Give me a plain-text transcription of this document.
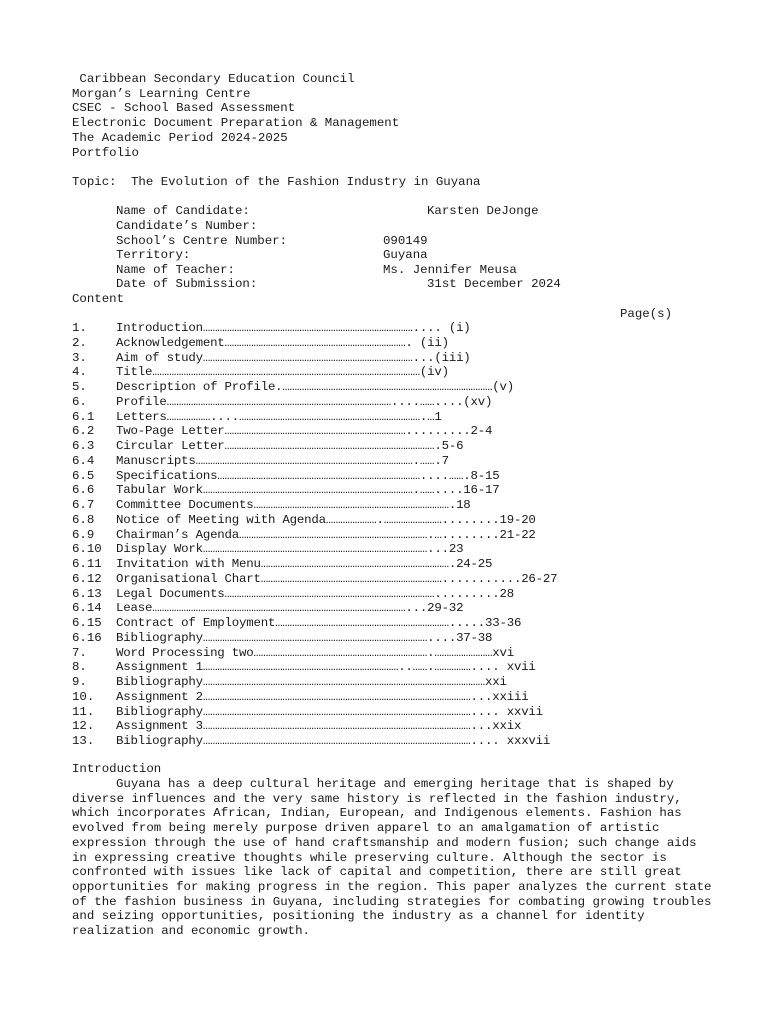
Caribbean Secondary Education Council
Morgan’s Learning Centre
CSEC - School Based Assessment
Electronic Document Preparation & Management
The Academic Period 2024-2025
Portfolio
Topic: The Evolution of the Fashion Industry in Guyana
Name of Candidate:	Karsten DeJonge
Candidate’s Number:
School’s Centre Number:	090149
Territory:	Guyana
Name of Teacher:	Ms. Jennifer Meusa
Date of Submission:	31st December 2024
Content
Page(s)
1. Introduction…………………………………………………………………………….... (i)
2. Acknowledgement…………………………………………………………………. (ii)
3. Aim of study……………………………………………………………………………...(iii)
4. Title…………………………………………………………………………………………………(iv)
5. Description of Profile.……………………………………………………………………………(v)
6. Profile…………………………………………………………………………………....……....(xv)
6.1 Letters………………....………………………………………………………………….…1
6.2 Two-Page Letter………………………………………………………………….........2-4
6.3 Circular Letter…………………………………………………………………………….5-6
6.4 Manuscripts……………………………………………………………………………….…….7
6.5 Specifications…………………………………………………………………………....…….8-15
6.6 Tabular Work…………………………………………………………………………….……....16-17
6.7 Committee Documents……………………………………………………………………….18
6.8 Notice of Meeting with Agenda………………….……………………........19-20
6.9 Chairman’s Agenda…………………………………………………………………….…........21-22
6.10 Display Work…………………………………………………………………………………...23
6.11 Invitation with Menu…………………………………………………………………….24-25
6.12 Organisational Chart…………………………………………………………………...........26-27
6.13 Legal Documents…………………………………………………………………………….........28
6.14 Lease……………………………………………………………………………………………...29-32
6.15 Contract of Employment……………………………………………………………….....33-36
6.16 Bibliography…………………………………………………………………………………....37-38
7. Word Processing two……………………………………………………………….……………………xvi
8. Assignment 1………………………………………………………………………..…….…………….... xvii
9. Bibliography………………………………………………………………………………………………………xxi
10. Assignment 2…………………………………………………………………………………………………...xxiii
11. Bibliography………………………………………………………………………………………………….... xxvii
12. Assignment 3…………………………………………………………………………………………………...xxix
13. Bibliography………………………………………………………………………………………………….... xxxvii
Introduction
Guyana has a deep cultural heritage and emerging heritage that is shaped by diverse influences and the very same history is reflected in the fashion industry, which incorporates African, Indian, European, and Indigenous elements. Fashion has evolved from being merely purpose driven apparel to an amalgamation of artistic expression through the use of hand craftsmanship and modern fusion; such change aids in expressing creative thoughts while preserving culture. Although the sector is confronted with issues like lack of capital and competition, there are still great opportunities for making progress in the region. This paper analyzes the current state of the fashion business in Guyana, including strategies for combating growing troubles and seizing opportunities, positioning the industry as a channel for identity realization and economic growth.
